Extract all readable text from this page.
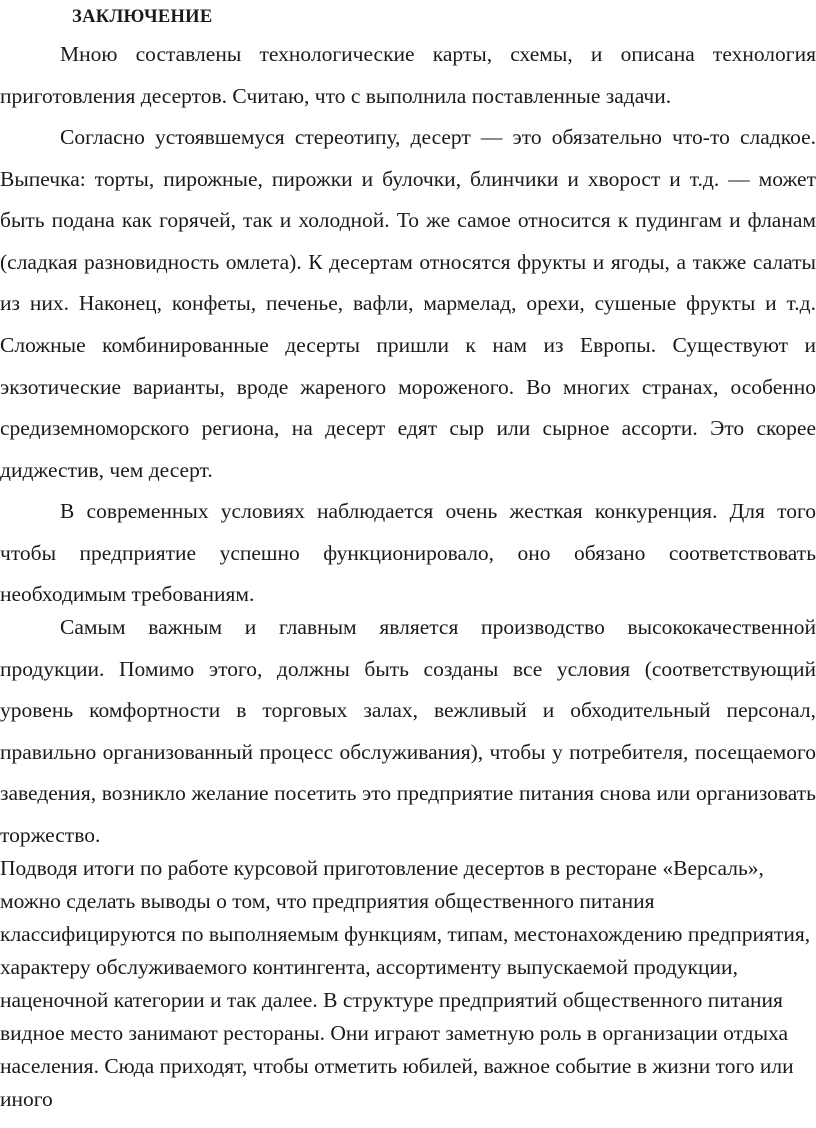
ЗАКЛЮЧЕНИЕ

Мною составлены технологические карты, схемы, и описана технология приготовления десертов. Считаю, что с выполнила поставленные задачи.

Согласно устоявшемуся стереотипу, десерт — это обязательно что-то сладкое. Выпечка: торты, пирожные, пирожки и булочки, блинчики и хворост и т.д. — может быть подана как горячей, так и холодной. То же самое относится к пудингам и фланам (сладкая разновидность омлета). К десертам относятся фрукты и ягоды, а также салаты из них. Наконец, конфеты, печенье, вафли, мармелад, орехи, сушеные фрукты и т.д. Сложные комбинированные десерты пришли к нам из Европы. Существуют и экзотические варианты, вроде жареного мороженого. Во многих странах, особенно средиземноморского региона, на десерт едят сыр или сырное ассорти. Это скорее диджестив, чем десерт.

В современных условиях наблюдается очень жесткая конкуренция. Для того чтобы предприятие успешно функционировало, оно обязано соответствовать необходимым требованиям.

Самым важным и главным является производство высококачественной продукции. Помимо этого, должны быть созданы все условия (соответствующий уровень комфортности в торговых залах, вежливый и обходительный персонал, правильно организованный процесс обслуживания), чтобы у потребителя, посещаемого заведения, возникло желание посетить это предприятие питания снова или организовать торжество.

Подводя итоги по работе курсовой приготовление десертов в ресторане «Версаль», можно сделать выводы о том, что предприятия общественного питания классифицируются по выполняемым функциям, типам, местонахождению предприятия, характеру обслуживаемого контингента, ассортименту выпускаемой продукции, наценочной категории и так далее. В структуре предприятий общественного питания видное место занимают рестораны. Они играют заметную роль в организации отдыха населения. Сюда приходят, чтобы отметить юбилей, важное событие в жизни того или иного
